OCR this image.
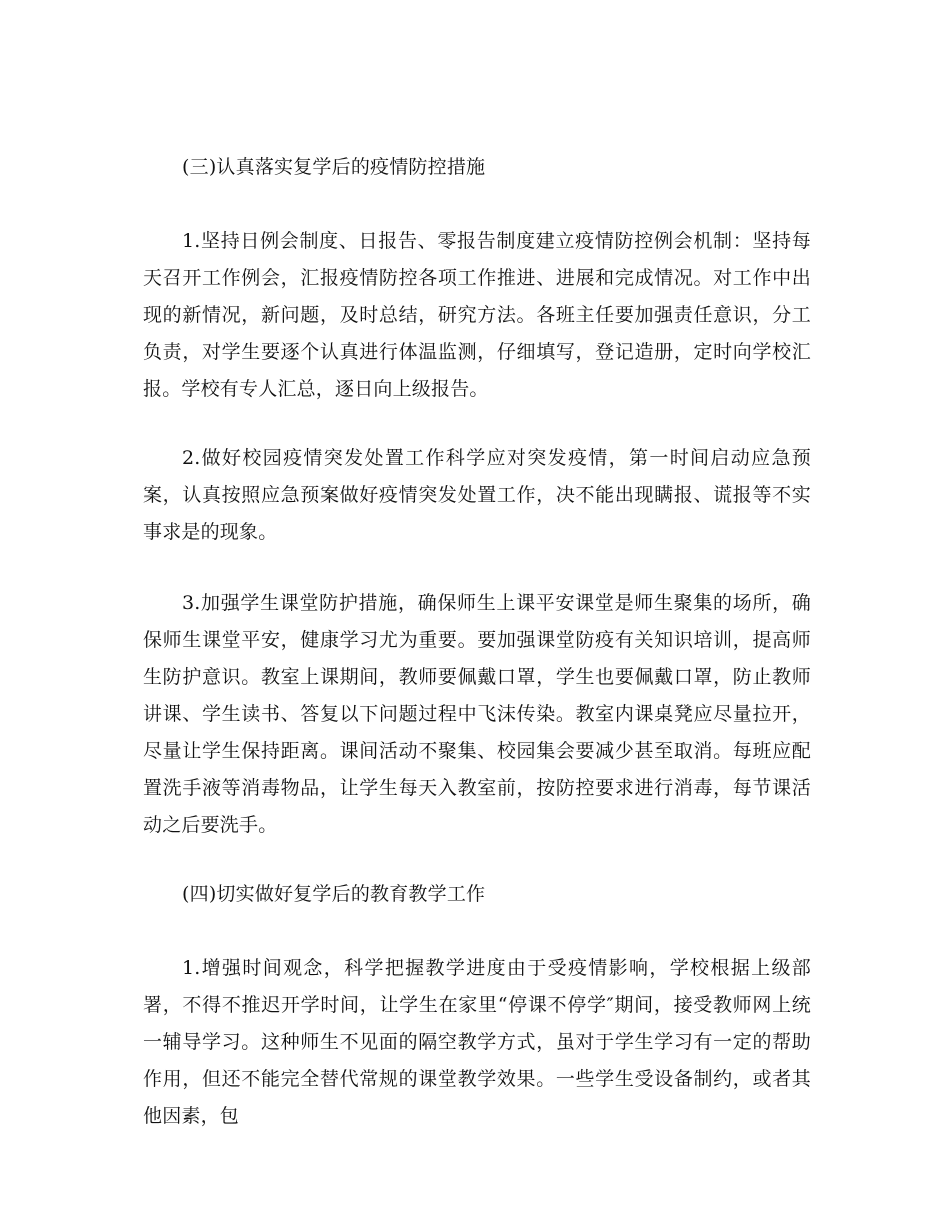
(三)认真落实复学后的疫情防控措施

1.坚持日例会制度、日报告、零报告制度建立疫情防控例会机制：坚持每天召开工作例会，汇报疫情防控各项工作推进、进展和完成情况。对工作中出现的新情况，新问题，及时总结，研究方法。各班主任要加强责任意识，分工负责，对学生要逐个认真进行体温监测，仔细填写，登记造册，定时向学校汇报。学校有专人汇总，逐日向上级报告。

2.做好校园疫情突发处置工作科学应对突发疫情，第一时间启动应急预案，认真按照应急预案做好疫情突发处置工作，决不能出现瞒报、谎报等不实事求是的现象。

3.加强学生课堂防护措施，确保师生上课平安课堂是师生聚集的场所，确保师生课堂平安，健康学习尤为重要。要加强课堂防疫有关知识培训，提高师生防护意识。教室上课期间，教师要佩戴口罩，学生也要佩戴口罩，防止教师讲课、学生读书、答复以下问题过程中飞沫传染。教室内课桌凳应尽量拉开，尽量让学生保持距离。课间活动不聚集、校园集会要减少甚至取消。每班应配置洗手液等消毒物品，让学生每天入教室前，按防控要求进行消毒，每节课活动之后要洗手。

(四)切实做好复学后的教育教学工作

1.增强时间观念，科学把握教学进度由于受疫情影响，学校根据上级部署，不得不推迟开学时间，让学生在家里“停课不停学″期间，接受教师网上统一辅导学习。这种师生不见面的隔空教学方式，虽对于学生学习有一定的帮助作用，但还不能完全替代常规的课堂教学效果。一些学生受设备制约，或者其他因素，包
